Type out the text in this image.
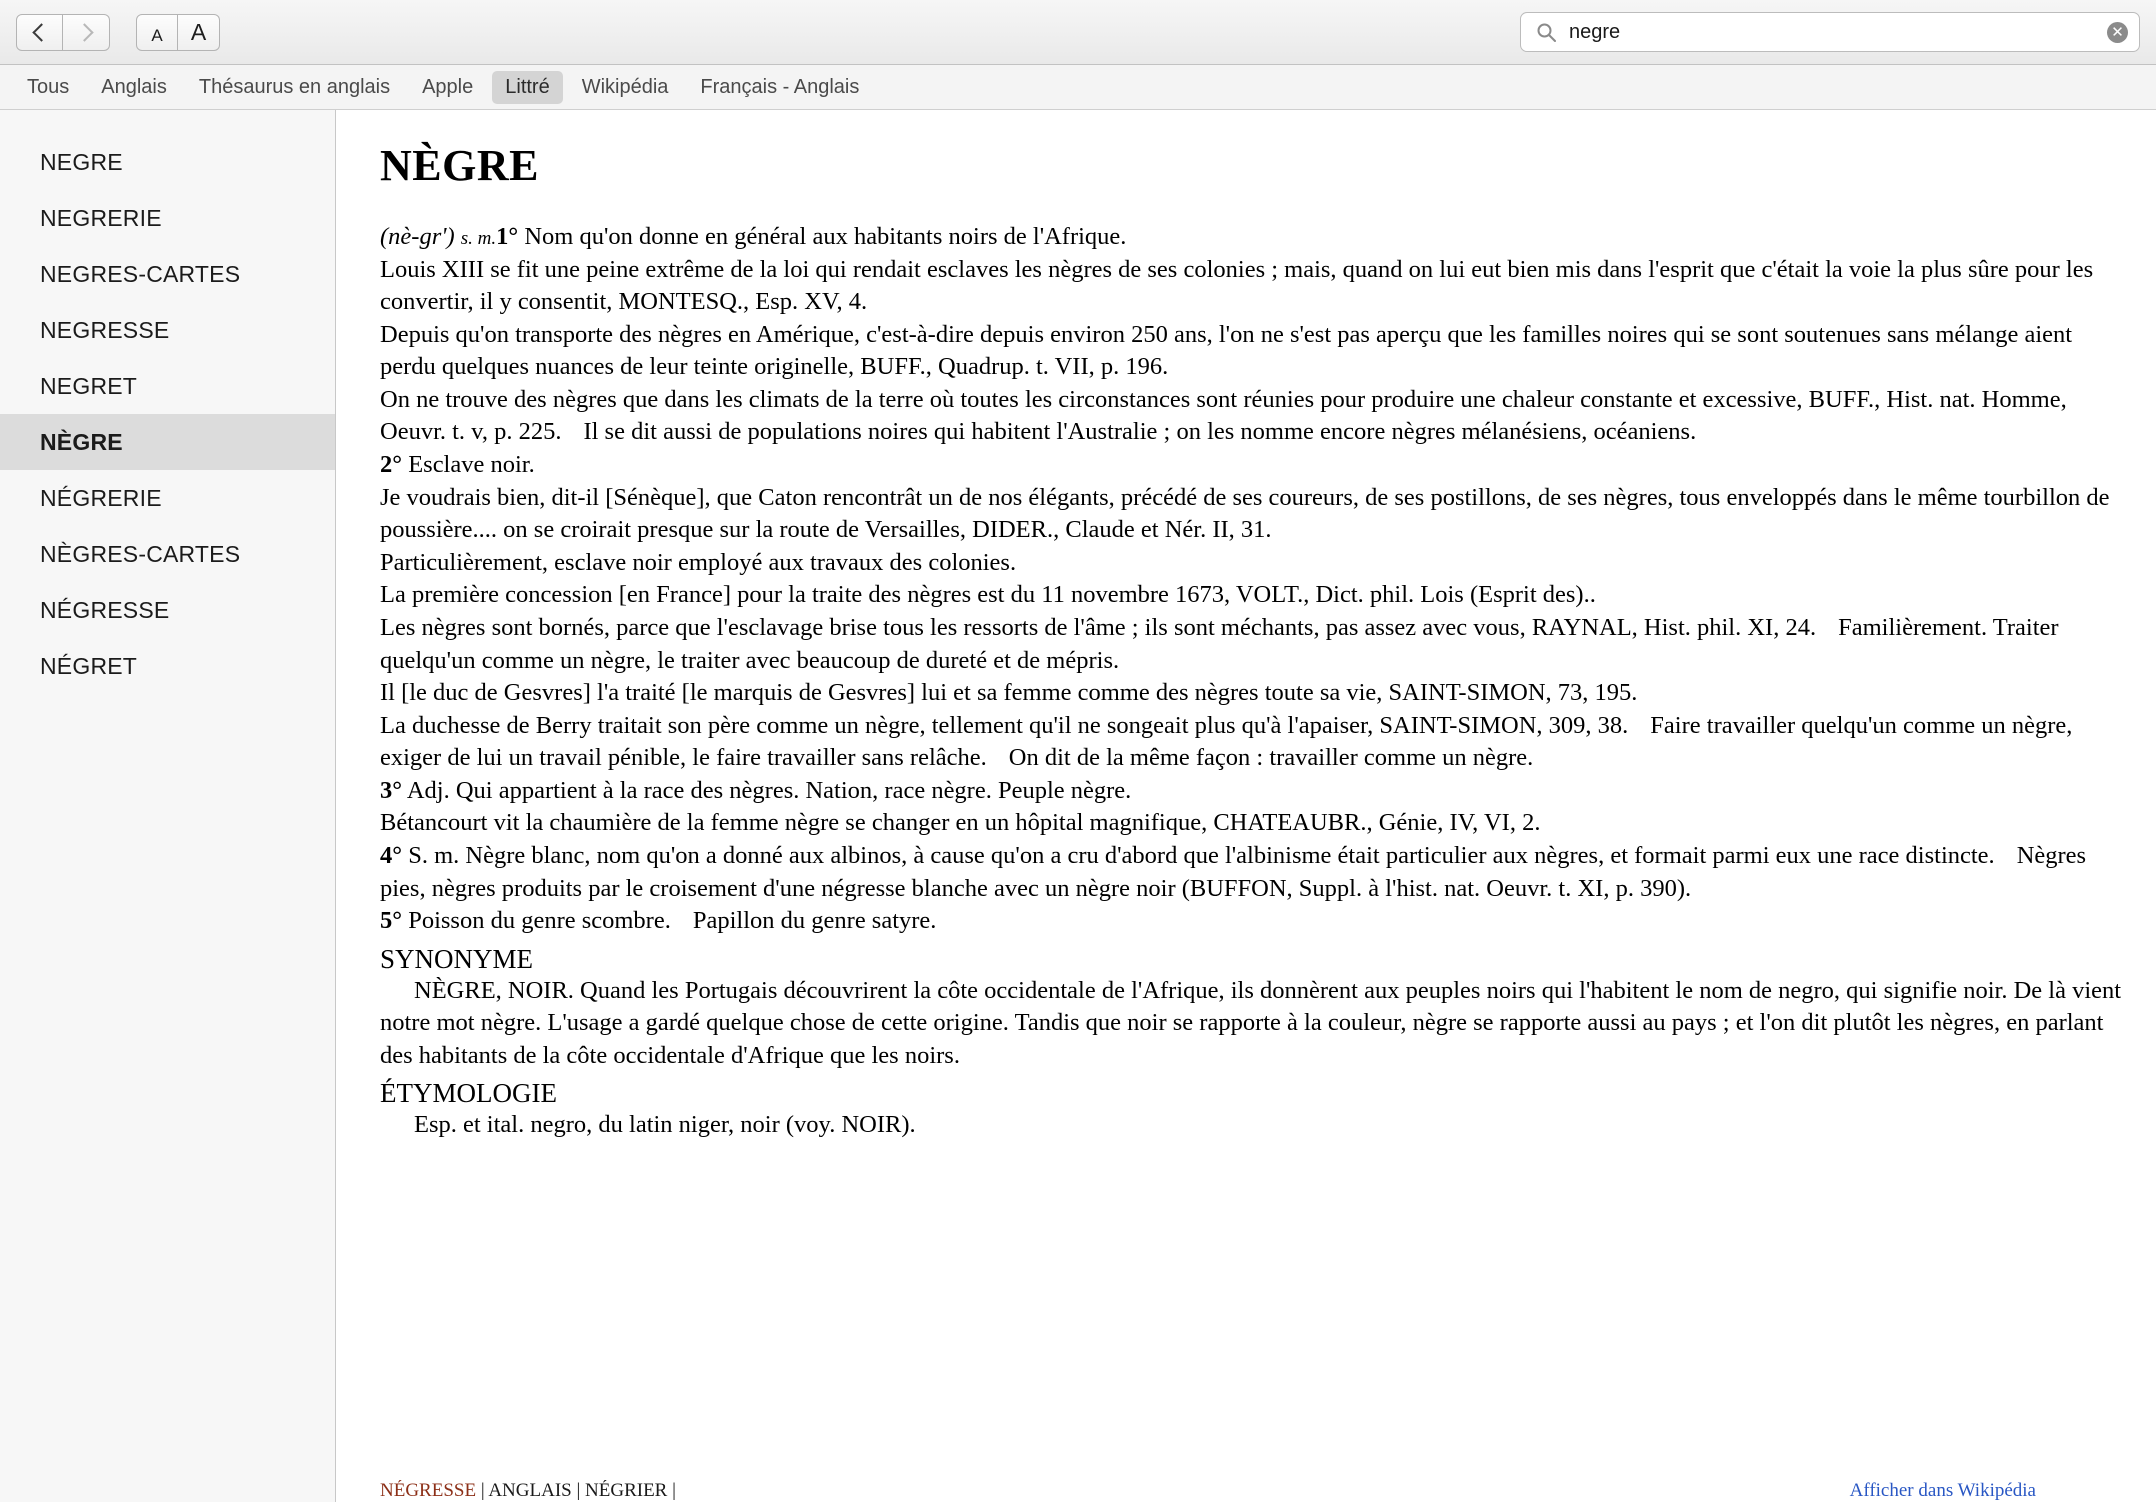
A	A
negre	✕
Tous	Anglais	Thésaurus en anglais	Apple	Littré	Wikipédia	Français - Anglais
NEGRE
NEGRERIE
NEGRES-CARTES
NEGRESSE
NEGRET
NÈGRE
NÉGRERIE
NÈGRES-CARTES
NÉGRESSE
NÉGRET
NÈGRE
(nè-gr') s. m.1° Nom qu'on donne en général aux habitants noirs de l'Afrique.
Louis XIII se fit une peine extrême de la loi qui rendait esclaves les nègres de ses colonies ; mais, quand on lui eut bien mis dans l'esprit que c'était la voie la plus sûre pour les convertir, il y consentit, MONTESQ., Esp. XV, 4.
Depuis qu'on transporte des nègres en Amérique, c'est-à-dire depuis environ 250 ans, l'on ne s'est pas aperçu que les familles noires qui se sont soutenues sans mélange aient perdu quelques nuances de leur teinte originelle, BUFF., Quadrup. t. VII, p. 196.
On ne trouve des nègres que dans les climats de la terre où toutes les circonstances sont réunies pour produire une chaleur constante et excessive, BUFF., Hist. nat. Homme, Oeuvr. t. v, p. 225. Il se dit aussi de populations noires qui habitent l'Australie ; on les nomme encore nègres mélanésiens, océaniens.
2° Esclave noir.
Je voudrais bien, dit-il [Sénèque], que Caton rencontrât un de nos élégants, précédé de ses coureurs, de ses postillons, de ses nègres, tous enveloppés dans le même tourbillon de poussière.... on se croirait presque sur la route de Versailles, DIDER., Claude et Nér. II, 31.
Particulièrement, esclave noir employé aux travaux des colonies.
La première concession [en France] pour la traite des nègres est du 11 novembre 1673, VOLT., Dict. phil. Lois (Esprit des)..
Les nègres sont bornés, parce que l'esclavage brise tous les ressorts de l'âme ; ils sont méchants, pas assez avec vous, RAYNAL, Hist. phil. XI, 24. Familièrement. Traiter quelqu'un comme un nègre, le traiter avec beaucoup de dureté et de mépris.
Il [le duc de Gesvres] l'a traité [le marquis de Gesvres] lui et sa femme comme des nègres toute sa vie, SAINT-SIMON, 73, 195.
La duchesse de Berry traitait son père comme un nègre, tellement qu'il ne songeait plus qu'à l'apaiser, SAINT-SIMON, 309, 38. Faire travailler quelqu'un comme un nègre, exiger de lui un travail pénible, le faire travailler sans relâche. On dit de la même façon : travailler comme un nègre.
3° Adj. Qui appartient à la race des nègres. Nation, race nègre. Peuple nègre.
Bétancourt vit la chaumière de la femme nègre se changer en un hôpital magnifique, CHATEAUBR., Génie, IV, VI, 2.
4° S. m. Nègre blanc, nom qu'on a donné aux albinos, à cause qu'on a cru d'abord que l'albinisme était particulier aux nègres, et formait parmi eux une race distincte. Nègres pies, nègres produits par le croisement d'une négresse blanche avec un nègre noir (BUFFON, Suppl. à l'hist. nat. Oeuvr. t. XI, p. 390).
5° Poisson du genre scombre. Papillon du genre satyre.
SYNONYME
NÈGRE, NOIR. Quand les Portugais découvrirent la côte occidentale de l'Afrique, ils donnèrent aux peuples noirs qui l'habitent le nom de negro, qui signifie noir. De là vient notre mot nègre. L'usage a gardé quelque chose de cette origine. Tandis que noir se rapporte à la couleur, nègre se rapporte aussi au pays ; et l'on dit plutôt les nègres, en parlant des habitants de la côte occidentale d'Afrique que les noirs.
ÉTYMOLOGIE
Esp. et ital. negro, du latin niger, noir (voy. NOIR).
NÉGRESSE | ANGLAIS | NÉGRIER |	Afficher dans Wikipédia
